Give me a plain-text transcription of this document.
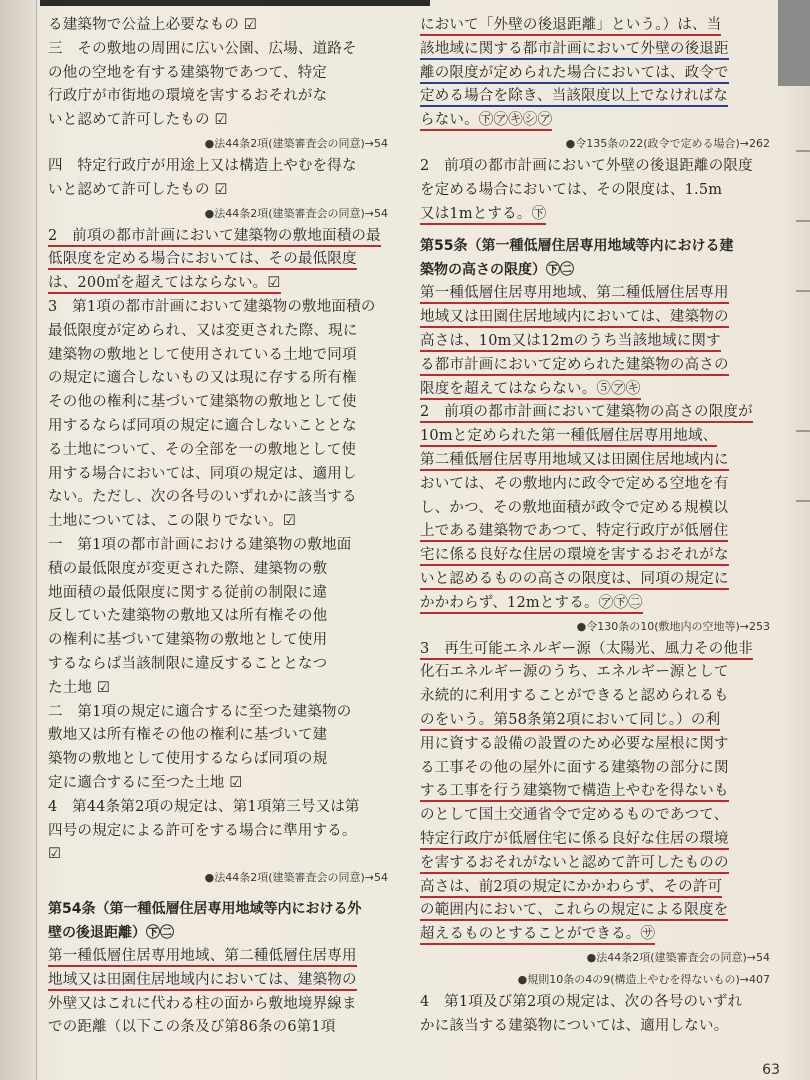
る建築物で公益上必要なもの ☑
三　その敷地の周囲に広い公園、広場、道路そ
の他の空地を有する建築物であつて、特定
行政庁が市街地の環境を害するおそれがな
いと認めて許可したもの ☑
●法44条2項(建築審査会の同意)→54
四　特定行政庁が用途上又は構造上やむを得な
いと認めて許可したもの ☑
●法44条2項(建築審査会の同意)→54
2　前項の都市計画において建築物の敷地面積の最
低限度を定める場合においては、その最低限度
は、200㎡を超えてはならない。☑
3　第1項の都市計画において建築物の敷地面積の
最低限度が定められ、又は変更された際、現に
建築物の敷地として使用されている土地で同項
の規定に適合しないもの又は現に存する所有権
その他の権利に基づいて建築物の敷地として使
用するならば同項の規定に適合しないこととな
る土地について、その全部を一の敷地として使
用する場合においては、同項の規定は、適用し
ない。ただし、次の各号のいずれかに該当する
土地については、この限りでない。☑
一　第1項の都市計画における建築物の敷地面
積の最低限度が変更された際、建築物の敷
地面積の最低限度に関する従前の制限に違
反していた建築物の敷地又は所有権その他
の権利に基づいて建築物の敷地として使用
するならば当該制限に違反することとなつ
た土地 ☑
二　第1項の規定に適合するに至つた建築物の
敷地又は所有権その他の権利に基づいて建
築物の敷地として使用するならば同項の規
定に適合するに至つた土地 ☑
4　第44条第2項の規定は、第1項第三号又は第
四号の規定による許可をする場合に準用する。
☑
●法44条2項(建築審査会の同意)→54
第54条（第一種低層住居専用地域等内における外
壁の後退距離）㊦㊁
第一種低層住居専用地域、第二種低層住居専用
地域又は田園住居地域内においては、建築物の
外壁又はこれに代わる柱の面から敷地境界線ま
での距離（以下この条及び第86条の6第1項
において「外壁の後退距離」という。）は、当
該地域に関する都市計画において外壁の後退距
離の限度が定められた場合においては、政令で
定める場合を除き、当該限度以上でなければな
らない。㊦㋐㋖㋛㋐
●令135条の22(政令で定める場合)→262
2　前項の都市計画において外壁の後退距離の限度
を定める場合においては、その限度は、1.5m
又は1mとする。㊦
第55条（第一種低層住居専用地域等内における建
築物の高さの限度）㊦㊁
第一種低層住居専用地域、第二種低層住居専用
地域又は田園住居地域内においては、建築物の
高さは、10m又は12mのうち当該地域に関す
る都市計画において定められた建築物の高さの
限度を超えてはならない。⑤㋐㋖
2　前項の都市計画において建築物の高さの限度が
10mと定められた第一種低層住居専用地域、
第二種低層住居専用地域又は田園住居地域内に
おいては、その敷地内に政令で定める空地を有
し、かつ、その敷地面積が政令で定める規模以
上である建築物であつて、特定行政庁が低層住
宅に係る良好な住居の環境を害するおそれがな
いと認めるものの高さの限度は、同項の規定に
かかわらず、12mとする。㋐㊦㊁
●令130条の10(敷地内の空地等)→253
3　再生可能エネルギー源（太陽光、風力その他非
化石エネルギー源のうち、エネルギー源として
永続的に利用することができると認められるも
のをいう。第58条第2項において同じ。）の利
用に資する設備の設置のため必要な屋根に関す
る工事その他の屋外に面する建築物の部分に関
する工事を行う建築物で構造上やむを得ないも
のとして国土交通省令で定めるものであつて、
特定行政庁が低層住宅に係る良好な住居の環境
を害するおそれがないと認めて許可したものの
高さは、前2項の規定にかかわらず、その許可
の範囲内において、これらの規定による限度を
超えるものとすることができる。㋚
●法44条2項(建築審査会の同意)→54
●規則10条の4の9(構造上やむを得ないもの)→407
4　第1項及び第2項の規定は、次の各号のいずれ
かに該当する建築物については、適用しない。
63
